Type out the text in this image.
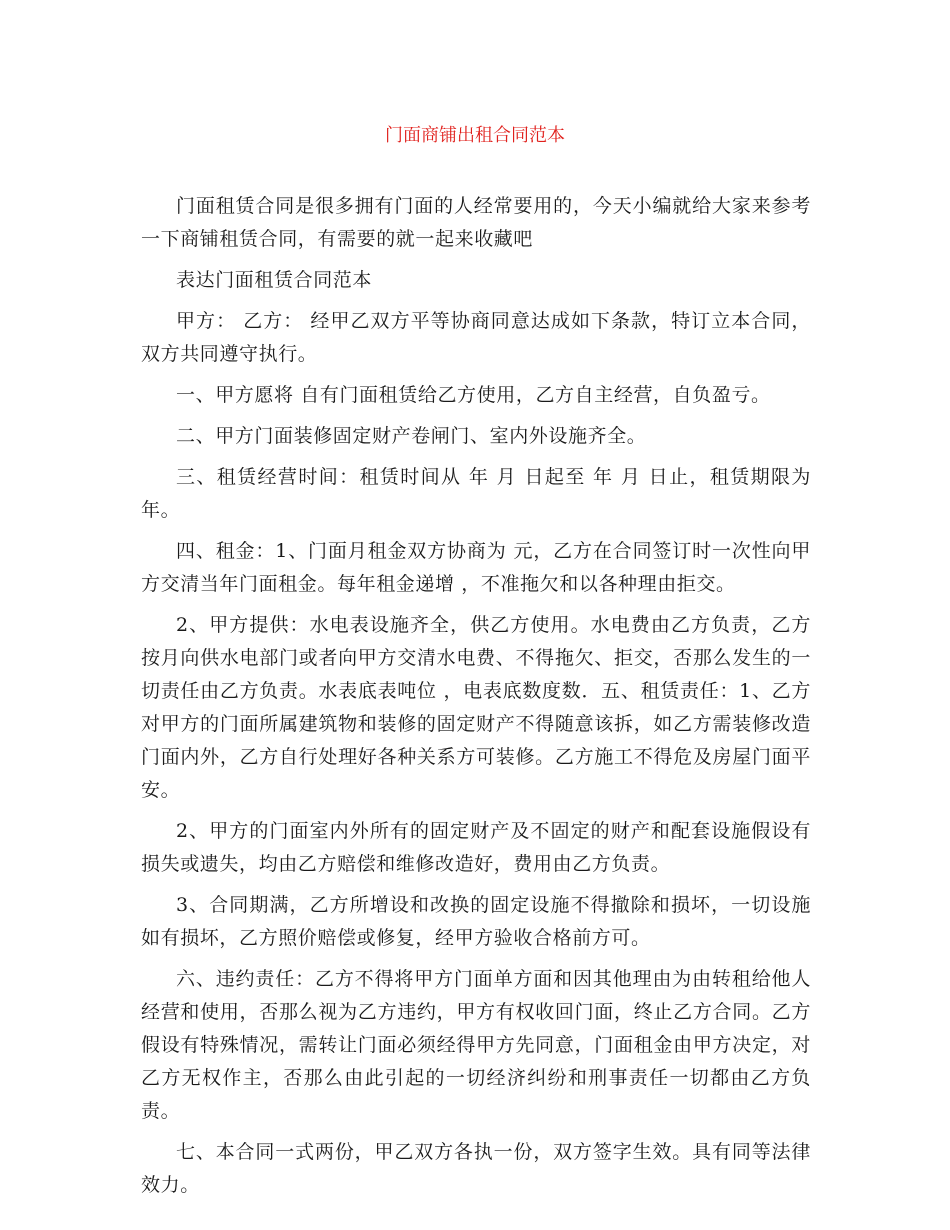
门面商铺出租合同范本

门面租赁合同是很多拥有门面的人经常要用的，今天小编就给大家来参考一下商铺租赁合同，有需要的就一起来收藏吧

表达门面租赁合同范本

甲方： 乙方： 经甲乙双方平等协商同意达成如下条款，特订立本合同，双方共同遵守执行。

一、甲方愿将 自有门面租赁给乙方使用，乙方自主经营，自负盈亏。

二、甲方门面装修固定财产卷闸门、室内外设施齐全。

三、租赁经营时间：租赁时间从 年 月 日起至 年 月 日止，租赁期限为 年。

四、租金：1、门面月租金双方协商为 元，乙方在合同签订时一次性向甲方交清当年门面租金。每年租金递增 ，不准拖欠和以各种理由拒交。

2、甲方提供：水电表设施齐全，供乙方使用。水电费由乙方负责，乙方按月向供水电部门或者向甲方交清水电费、不得拖欠、拒交，否那么发生的一切责任由乙方负责。水表底表吨位 ，电表底数度数．五、租赁责任：1、乙方对甲方的门面所属建筑物和装修的固定财产不得随意该拆，如乙方需装修改造门面内外，乙方自行处理好各种关系方可装修。乙方施工不得危及房屋门面平安。

2、甲方的门面室内外所有的固定财产及不固定的财产和配套设施假设有损失或遗失，均由乙方赔偿和维修改造好，费用由乙方负责。

3、合同期满，乙方所增设和改换的固定设施不得撤除和损坏，一切设施如有损坏，乙方照价赔偿或修复，经甲方验收合格前方可。

六、违约责任：乙方不得将甲方门面单方面和因其他理由为由转租给他人经营和使用，否那么视为乙方违约，甲方有权收回门面，终止乙方合同。乙方假设有特殊情况，需转让门面必须经得甲方先同意，门面租金由甲方决定，对乙方无权作主，否那么由此引起的一切经济纠纷和刑事责任一切都由乙方负责。

七、本合同一式两份，甲乙双方各执一份，双方签字生效。具有同等法律效力。
